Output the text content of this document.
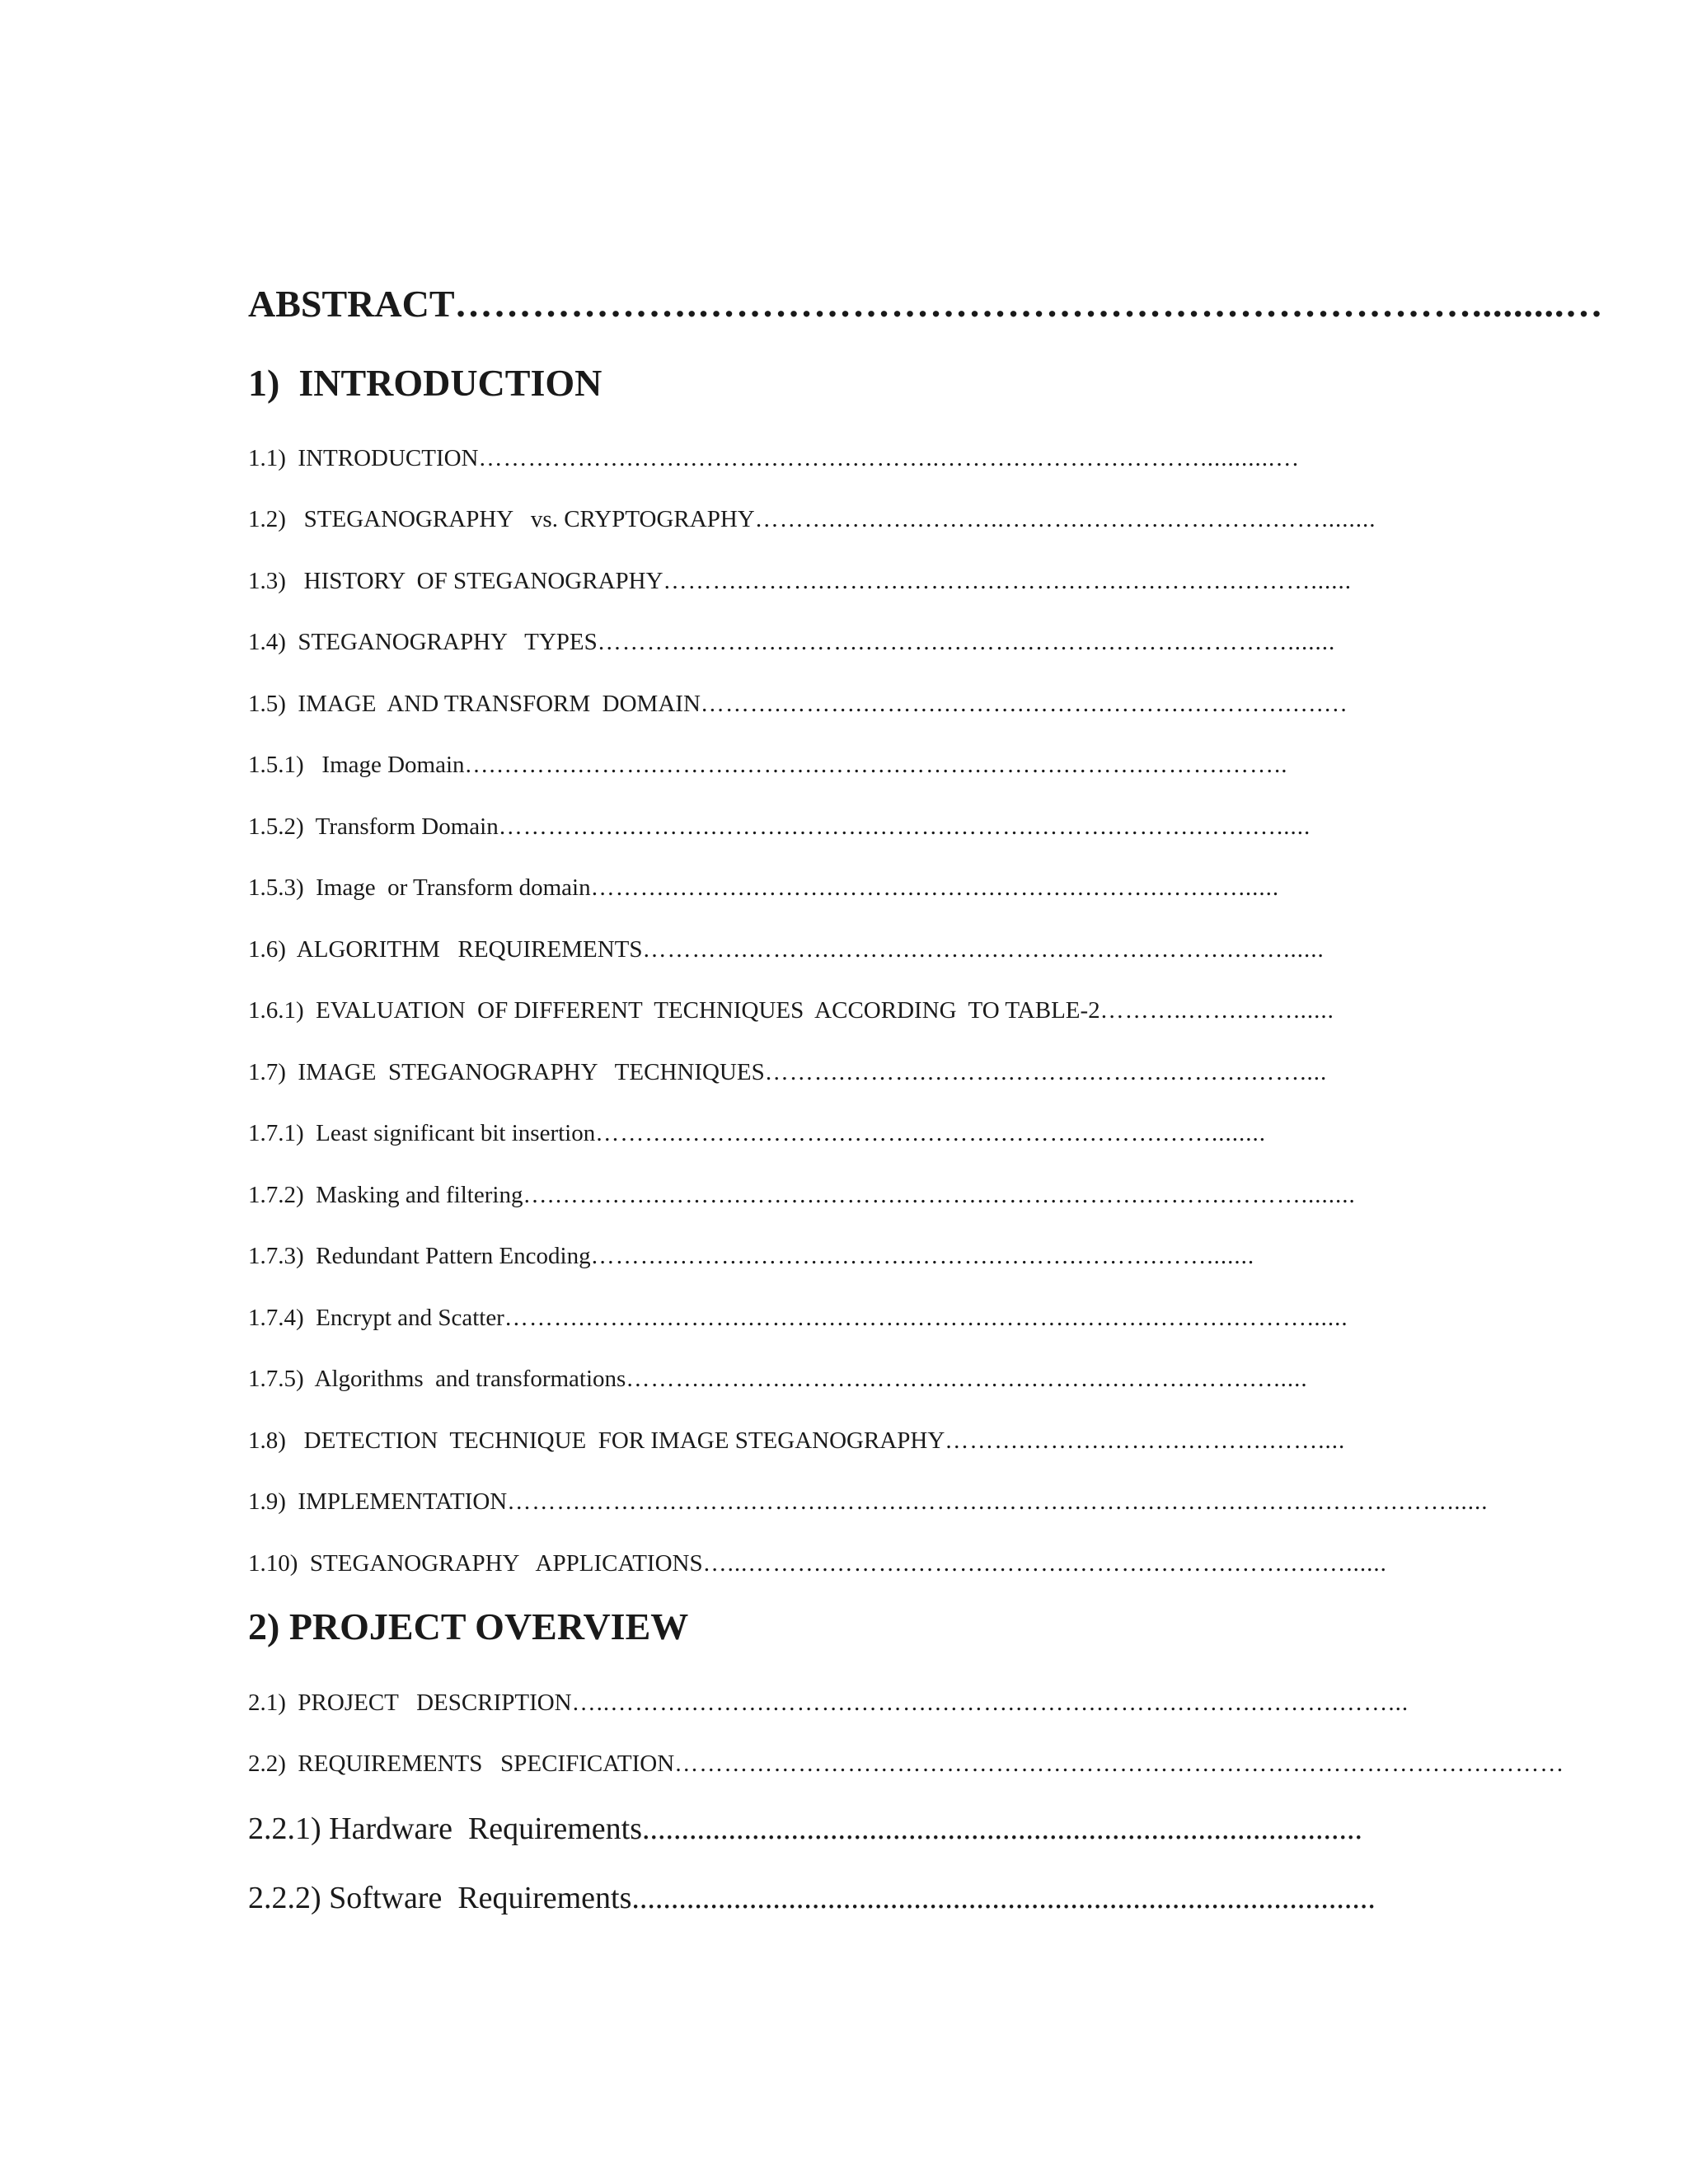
ABSTRACT……………….…………………………………………………….........…
1)  INTRODUCTION
1.1)  INTRODUCTION……………….…….……….……….………..……….………….………...........…
1.2)   STEGANOGRAPHY   vs. CRYPTOGRAPHY……….……….………..……….……….………….……........
1.3)   HISTORY  OF STEGANOGRAPHY……….……….……….……….……….…….….……….………......
1.4)  STEGANOGRAPHY   TYPES………….……….……….……….……….……….……….………….......
1.5)  IMAGE  AND TRANSFORM  DOMAIN……….……….……….……….……….……….………….….…
1.5.1)   Image Domain….……….……….……….……….……….……….……….……….……….……..
1.5.2)  Transform Domain…………….……….……….……….……….……….……….……….…….….....
1.5.3)  Image  or Transform domain……….……….……….……….……….……….……….…….…......
1.6)  ALGORITHM   REQUIREMENTS………….……….……….……….……….……….……….……......
1.6.1)  EVALUATION  OF DIFFERENT  TECHNIQUES  ACCORDING  TO TABLE-2………..…….……......
1.7)  IMAGE  STEGANOGRAPHY   TECHNIQUES……….……….……….……….……….……….……....
1.7.1)  Least significant bit insertion……….……….……….……….……….……….……….……........
1.7.2)  Masking and filtering….………….……….……….……….……….……….……….……….………........
1.7.3)  Redundant Pattern Encoding……….……….……….……….……….……….……….…….......
1.7.4)  Encrypt and Scatter……….……….……….……….……….……….……….……….……….………......
1.7.5)  Algorithms  and transformations……….……….……….……….……….……….……….…….….....
1.8)   DETECTION  TECHNIQUE  FOR IMAGE STEGANOGRAPHY……….……….……….……….……....
1.9)  IMPLEMENTATION……….……….……….……….……….……….……….……….……….……….……….……......
1.10)  STEGANOGRAPHY   APPLICATIONS…...……….……….……….……….……….……….…….….…......
2) PROJECT OVERVIEW
2.1)  PROJECT   DESCRIPTION…..……….……….……….……….……….……….……….……….……….……...
2.2)  REQUIREMENTS   SPECIFICATION………………………………………………………………………………………………
2.2.1) Hardware  Requirements............................................................................................
2.2.2) Software  Requirements...............................................................................................
